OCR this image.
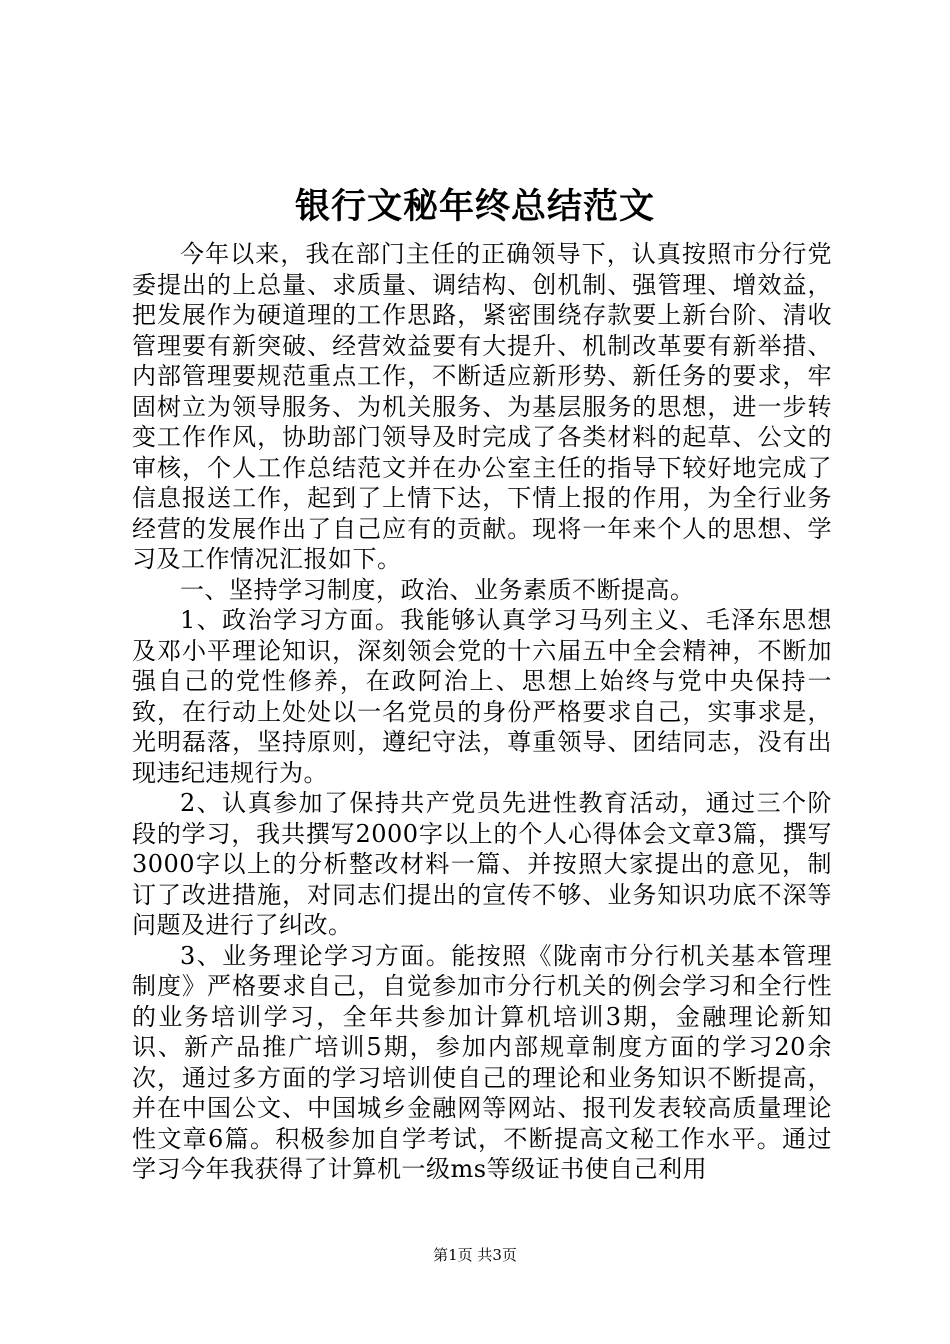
银行文秘年终总结范文

今年以来，我在部门主任的正确领导下，认真按照市分行党委提出的上总量、求质量、调结构、创机制、强管理、增效益，把发展作为硬道理的工作思路，紧密围绕存款要上新台阶、清收管理要有新突破、经营效益要有大提升、机制改革要有新举措、内部管理要规范重点工作，不断适应新形势、新任务的要求，牢固树立为领导服务、为机关服务、为基层服务的思想，进一步转变工作作风，协助部门领导及时完成了各类材料的起草、公文的审核，个人工作总结范文并在办公室主任的指导下较好地完成了信息报送工作，起到了上情下达，下情上报的作用，为全行业务经营的发展作出了自己应有的贡献。现将一年来个人的思想、学习及工作情况汇报如下。

一、坚持学习制度，政治、业务素质不断提高。

1、政治学习方面。我能够认真学习马列主义、毛泽东思想及邓小平理论知识，深刻领会党的十六届五中全会精神，不断加强自己的党性修养，在政阿治上、思想上始终与党中央保持一致，在行动上处处以一名党员的身份严格要求自己，实事求是，光明磊落，坚持原则，遵纪守法，尊重领导、团结同志，没有出现违纪违规行为。

2、认真参加了保持共产党员先进性教育活动，通过三个阶段的学习，我共撰写2000字以上的个人心得体会文章3篇，撰写3000字以上的分析整改材料一篇、并按照大家提出的意见，制订了改进措施，对同志们提出的宣传不够、业务知识功底不深等问题及进行了纠改。

3、业务理论学习方面。能按照《陇南市分行机关基本管理制度》严格要求自己，自觉参加市分行机关的例会学习和全行性的业务培训学习，全年共参加计算机培训3期，金融理论新知识、新产品推广培训5期，参加内部规章制度方面的学习20余次，通过多方面的学习培训使自己的理论和业务知识不断提高，并在中国公文、中国城乡金融网等网站、报刊发表较高质量理论性文章6篇。积极参加自学考试，不断提高文秘工作水平。通过学习今年我获得了计算机一级ms等级证书使自己利用

第1页 共3页
